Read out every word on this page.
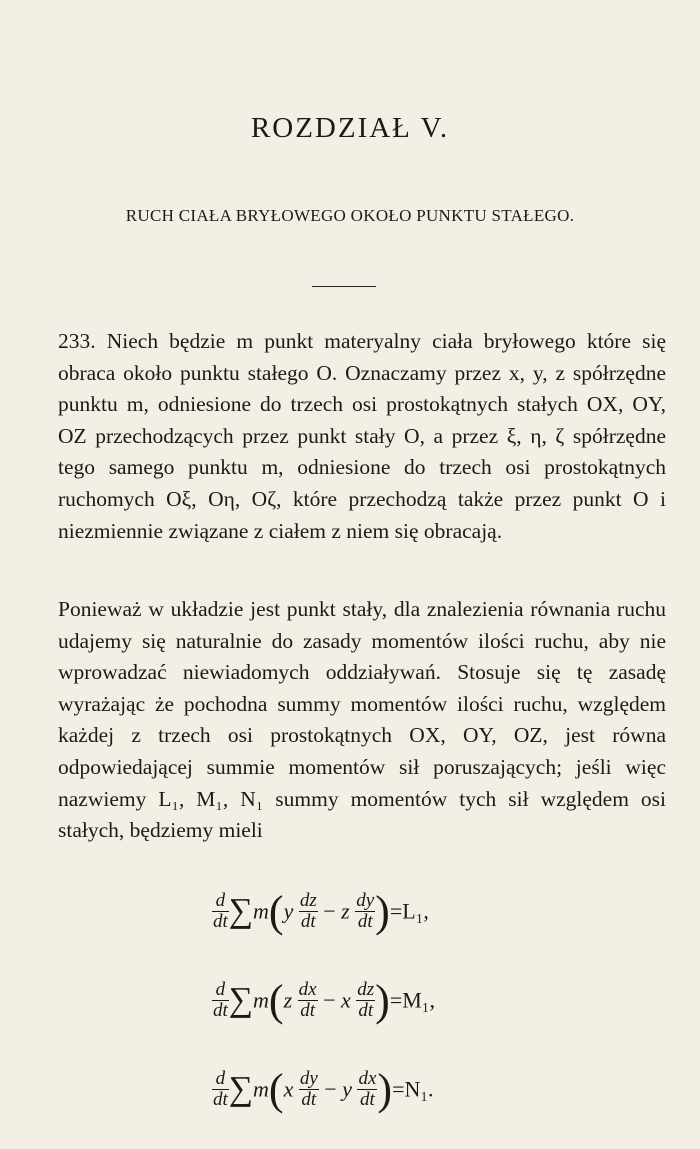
ROZDZIAŁ V.
RUCH CIAŁA BRYŁOWEGO OKOŁO PUNKTU STAŁEGO.

233. Niech będzie m punkt materyalny ciała bryłowego które się obraca około punktu stałego O. Oznaczamy przez x, y, z spółrzędne punktu m, odniesione do trzech osi prostokątnych stałych OX, OY, OZ przechodzących przez punkt stały O, a przez ξ, η, ζ spółrzędne tego samego punktu m, odniesione do trzech osi prostokątnych ruchomych Oξ, Oη, Oζ, które przechodzą także przez punkt O i niezmiennie związane z ciałem z niem się obracają.

Ponieważ w układzie jest punkt stały, dla znalezienia równania ruchu udajemy się naturalnie do zasady momentów ilości ruchu, aby nie wprowadzać niewiadomych oddziaływań. Stosuje się tę zasadę wyrażając że pochodna summy momentów ilości ruchu, względem każdej z trzech osi prostokątnych OX, OY, OZ, jest równa odpowiedającej summie momentów sił poruszających; jeśli więc nazwiemy L₁, M₁, N₁ summy momentów tych sił względem osi stałych, będziemy mieli

$\frac{d}{dt} \sum m(y \frac{dz}{dt} - z \frac{dy}{dt} )=L_1$,
$\frac{d}{dt} \sum m(z \frac{dx}{dt} - x \frac{dz}{dt} )=M_1$,
$\frac{d}{dt} \sum m(x \frac{dy}{dt} - y \frac{dx}{dt} )=N_1$.
